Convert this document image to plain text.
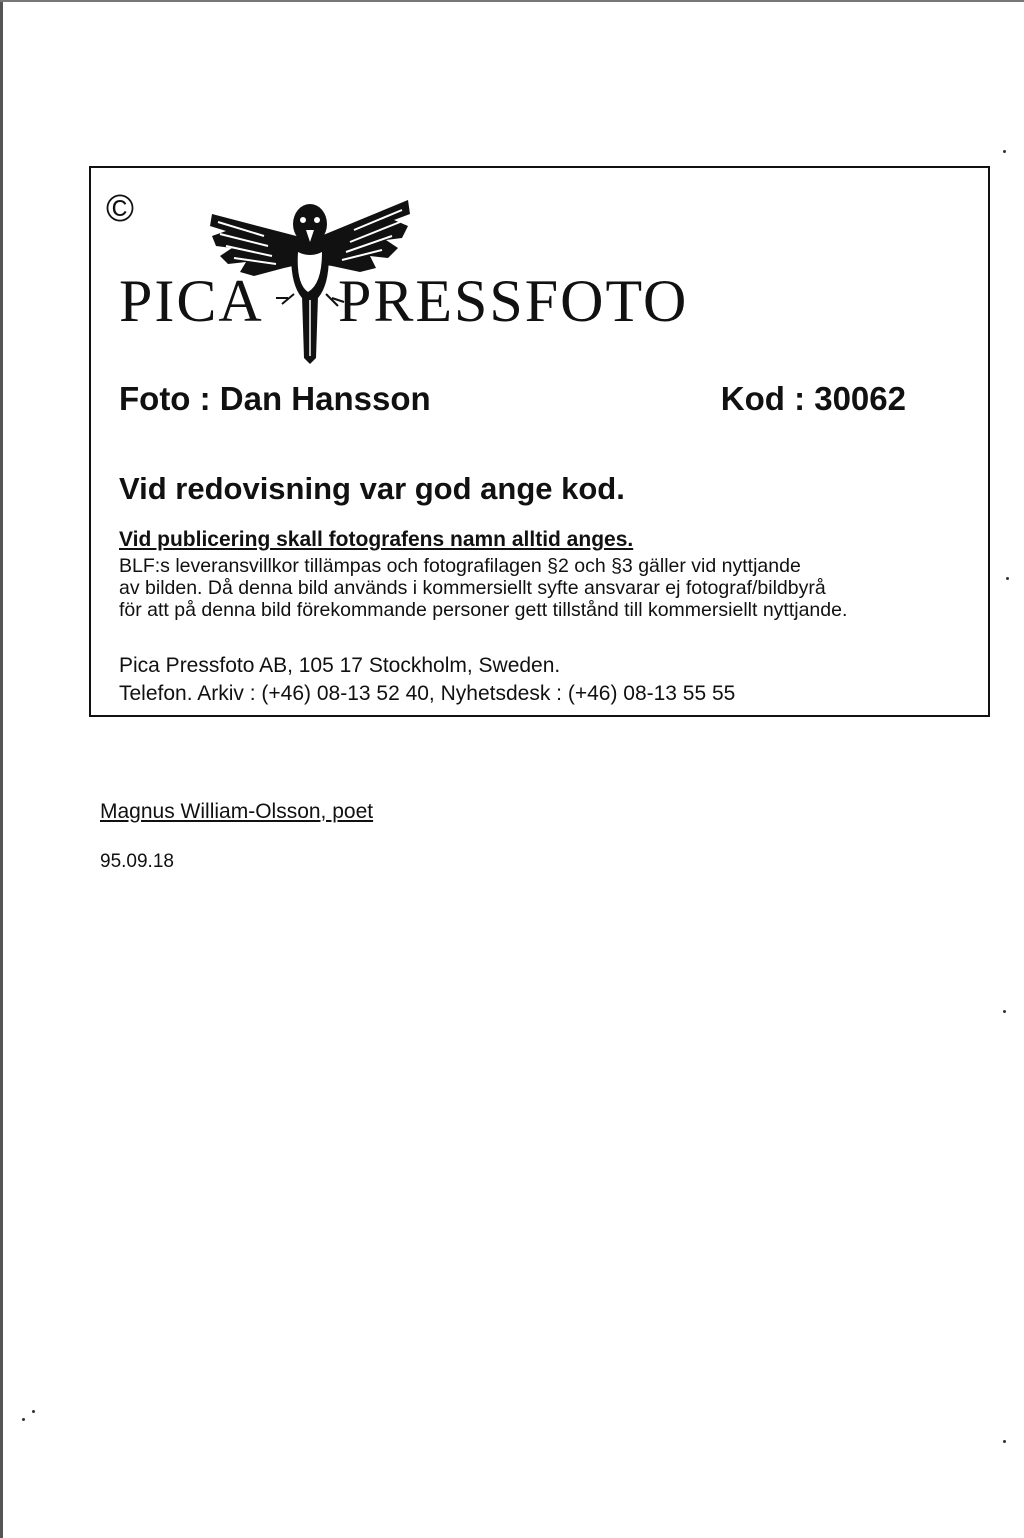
©
PICA PRESSFOTO
Foto : Dan Hansson	Kod : 30062
Vid redovisning var god ange kod.
Vid publicering skall fotografens namn alltid anges.
BLF:s leveransvillkor tillämpas och fotografilagen §2 och §3 gäller vid nyttjande
av bilden. Då denna bild används i kommersiellt syfte ansvarar ej fotograf/bildbyrå
för att på denna bild förekommande personer gett tillstånd till kommersiellt nyttjande.
Pica Pressfoto AB, 105 17 Stockholm, Sweden.
Telefon. Arkiv : (+46) 08-13 52 40, Nyhetsdesk : (+46) 08-13 55 55
Magnus William-Olsson, poet
95.09.18
